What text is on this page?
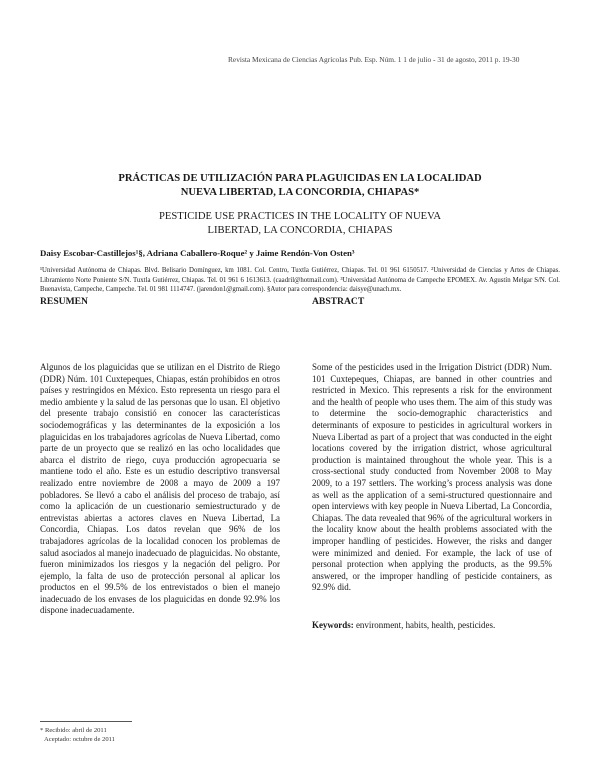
Revista Mexicana de Ciencias Agrícolas Pub. Esp. Núm. 1 1 de julio - 31 de agosto, 2011 p. 19-30
PRÁCTICAS DE UTILIZACIÓN PARA PLAGUICIDAS EN LA LOCALIDAD
NUEVA LIBERTAD, LA CONCORDIA, CHIAPAS*
PESTICIDE USE PRACTICES IN THE LOCALITY OF NUEVA
LIBERTAD, LA CONCORDIA, CHIAPAS
Daisy Escobar-Castillejos¹§, Adriana Caballero-Roque² y Jaime Rendón-Von Osten³
¹Universidad Autónoma de Chiapas. Blvd. Belisario Domínguez, km 1081. Col. Centro, Tuxtla Gutiérrez, Chiapas. Tel. 01 961 6150517. ²Universidad de Ciencias y Artes de Chiapas. Libramiento Norte Poniente S/N. Tuxtla Gutiérrez, Chiapas. Tel. 01 961 6 1613613. (caadril@hotmail.com). ³Universidad Autónoma de Campeche EPOMEX. Av. Agustín Melgar S/N. Col. Buenavista, Campeche, Campeche. Tel. 01 981 1114747. (jarendon1@gmail.com). §Autor para correspondencia: daisye@unach.mx.
RESUMEN	ABSTRACT
Algunos de los plaguicidas que se utilizan en el Distrito de Riego (DDR) Núm. 101 Cuxtepeques, Chiapas, están prohibidos en otros países y restringidos en México. Esto representa un riesgo para el medio ambiente y la salud de las personas que lo usan. El objetivo del presente trabajo consistió en conocer las características sociodemográficas y las determinantes de la exposición a los plaguicidas en los trabajadores agrícolas de Nueva Libertad, como parte de un proyecto que se realizó en las ocho localidades que abarca el distrito de riego, cuya producción agropecuaria se mantiene todo el año. Este es un estudio descriptivo transversal realizado entre noviembre de 2008 a mayo de 2009 a 197 pobladores. Se llevó a cabo el análisis del proceso de trabajo, así como la aplicación de un cuestionario semiestructurado y de entrevistas abiertas a actores claves en Nueva Libertad, La Concordia, Chiapas. Los datos revelan que 96% de los trabajadores agrícolas de la localidad conocen los problemas de salud asociados al manejo inadecuado de plaguicidas. No obstante, fueron minimizados los riesgos y la negación del peligro. Por ejemplo, la falta de uso de protección personal al aplicar los productos en el 99.5% de los entrevistados o bien el manejo inadecuado de los envases de los plaguicidas en donde 92.9% los dispone inadecuadamente.
Some of the pesticides used in the Irrigation District (DDR) Num. 101 Cuxtepeques, Chiapas, are banned in other countries and restricted in Mexico. This represents a risk for the environment and the health of people who uses them. The aim of this study was to determine the socio-demographic characteristics and determinants of exposure to pesticides in agricultural workers in Nueva Libertad as part of a project that was conducted in the eight locations covered by the irrigation district, whose agricultural production is maintained throughout the whole year. This is a cross-sectional study conducted from November 2008 to May 2009, to a 197 settlers. The working’s process analysis was done as well as the application of a semi-structured questionnaire and open interviews with key people in Nueva Libertad, La Concordia, Chiapas. The data revealed that 96% of the agricultural workers in the locality know about the health problems associated with the improper handling of pesticides. However, the risks and danger were minimized and denied. For example, the lack of use of personal protection when applying the products, as the 99.5% answered, or the improper handling of pesticide containers, as 92.9% did.
Keywords: environment, habits, health, pesticides.
* Recibido: abril de 2011
Aceptado: octubre de 2011
